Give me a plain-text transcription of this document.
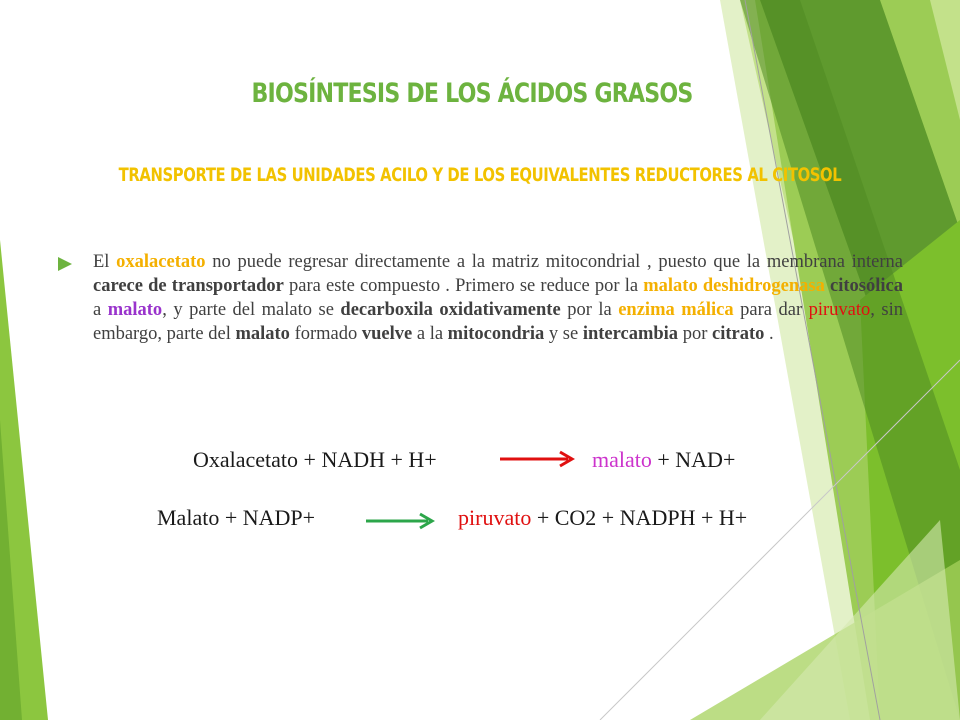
BIOSÍNTESIS DE LOS ÁCIDOS GRASOS
TRANSPORTE DE LAS UNIDADES ACILO Y DE LOS EQUIVALENTES REDUCTORES AL CITOSOL

El oxalacetato no puede regresar directamente a la matriz mitocondrial , puesto que la membrana interna carece de transportador para este compuesto . Primero se reduce por la malato deshidrogenasa citosólica a malato, y parte del malato se decarboxila oxidativamente por la enzima málica para dar piruvato, sin embargo, parte del malato formado vuelve a la mitocondria y se intercambia por citrato .

Oxalacetato + NADH + H+	malato + NAD+
Malato + NADP+	piruvato + CO2 + NADPH + H+
